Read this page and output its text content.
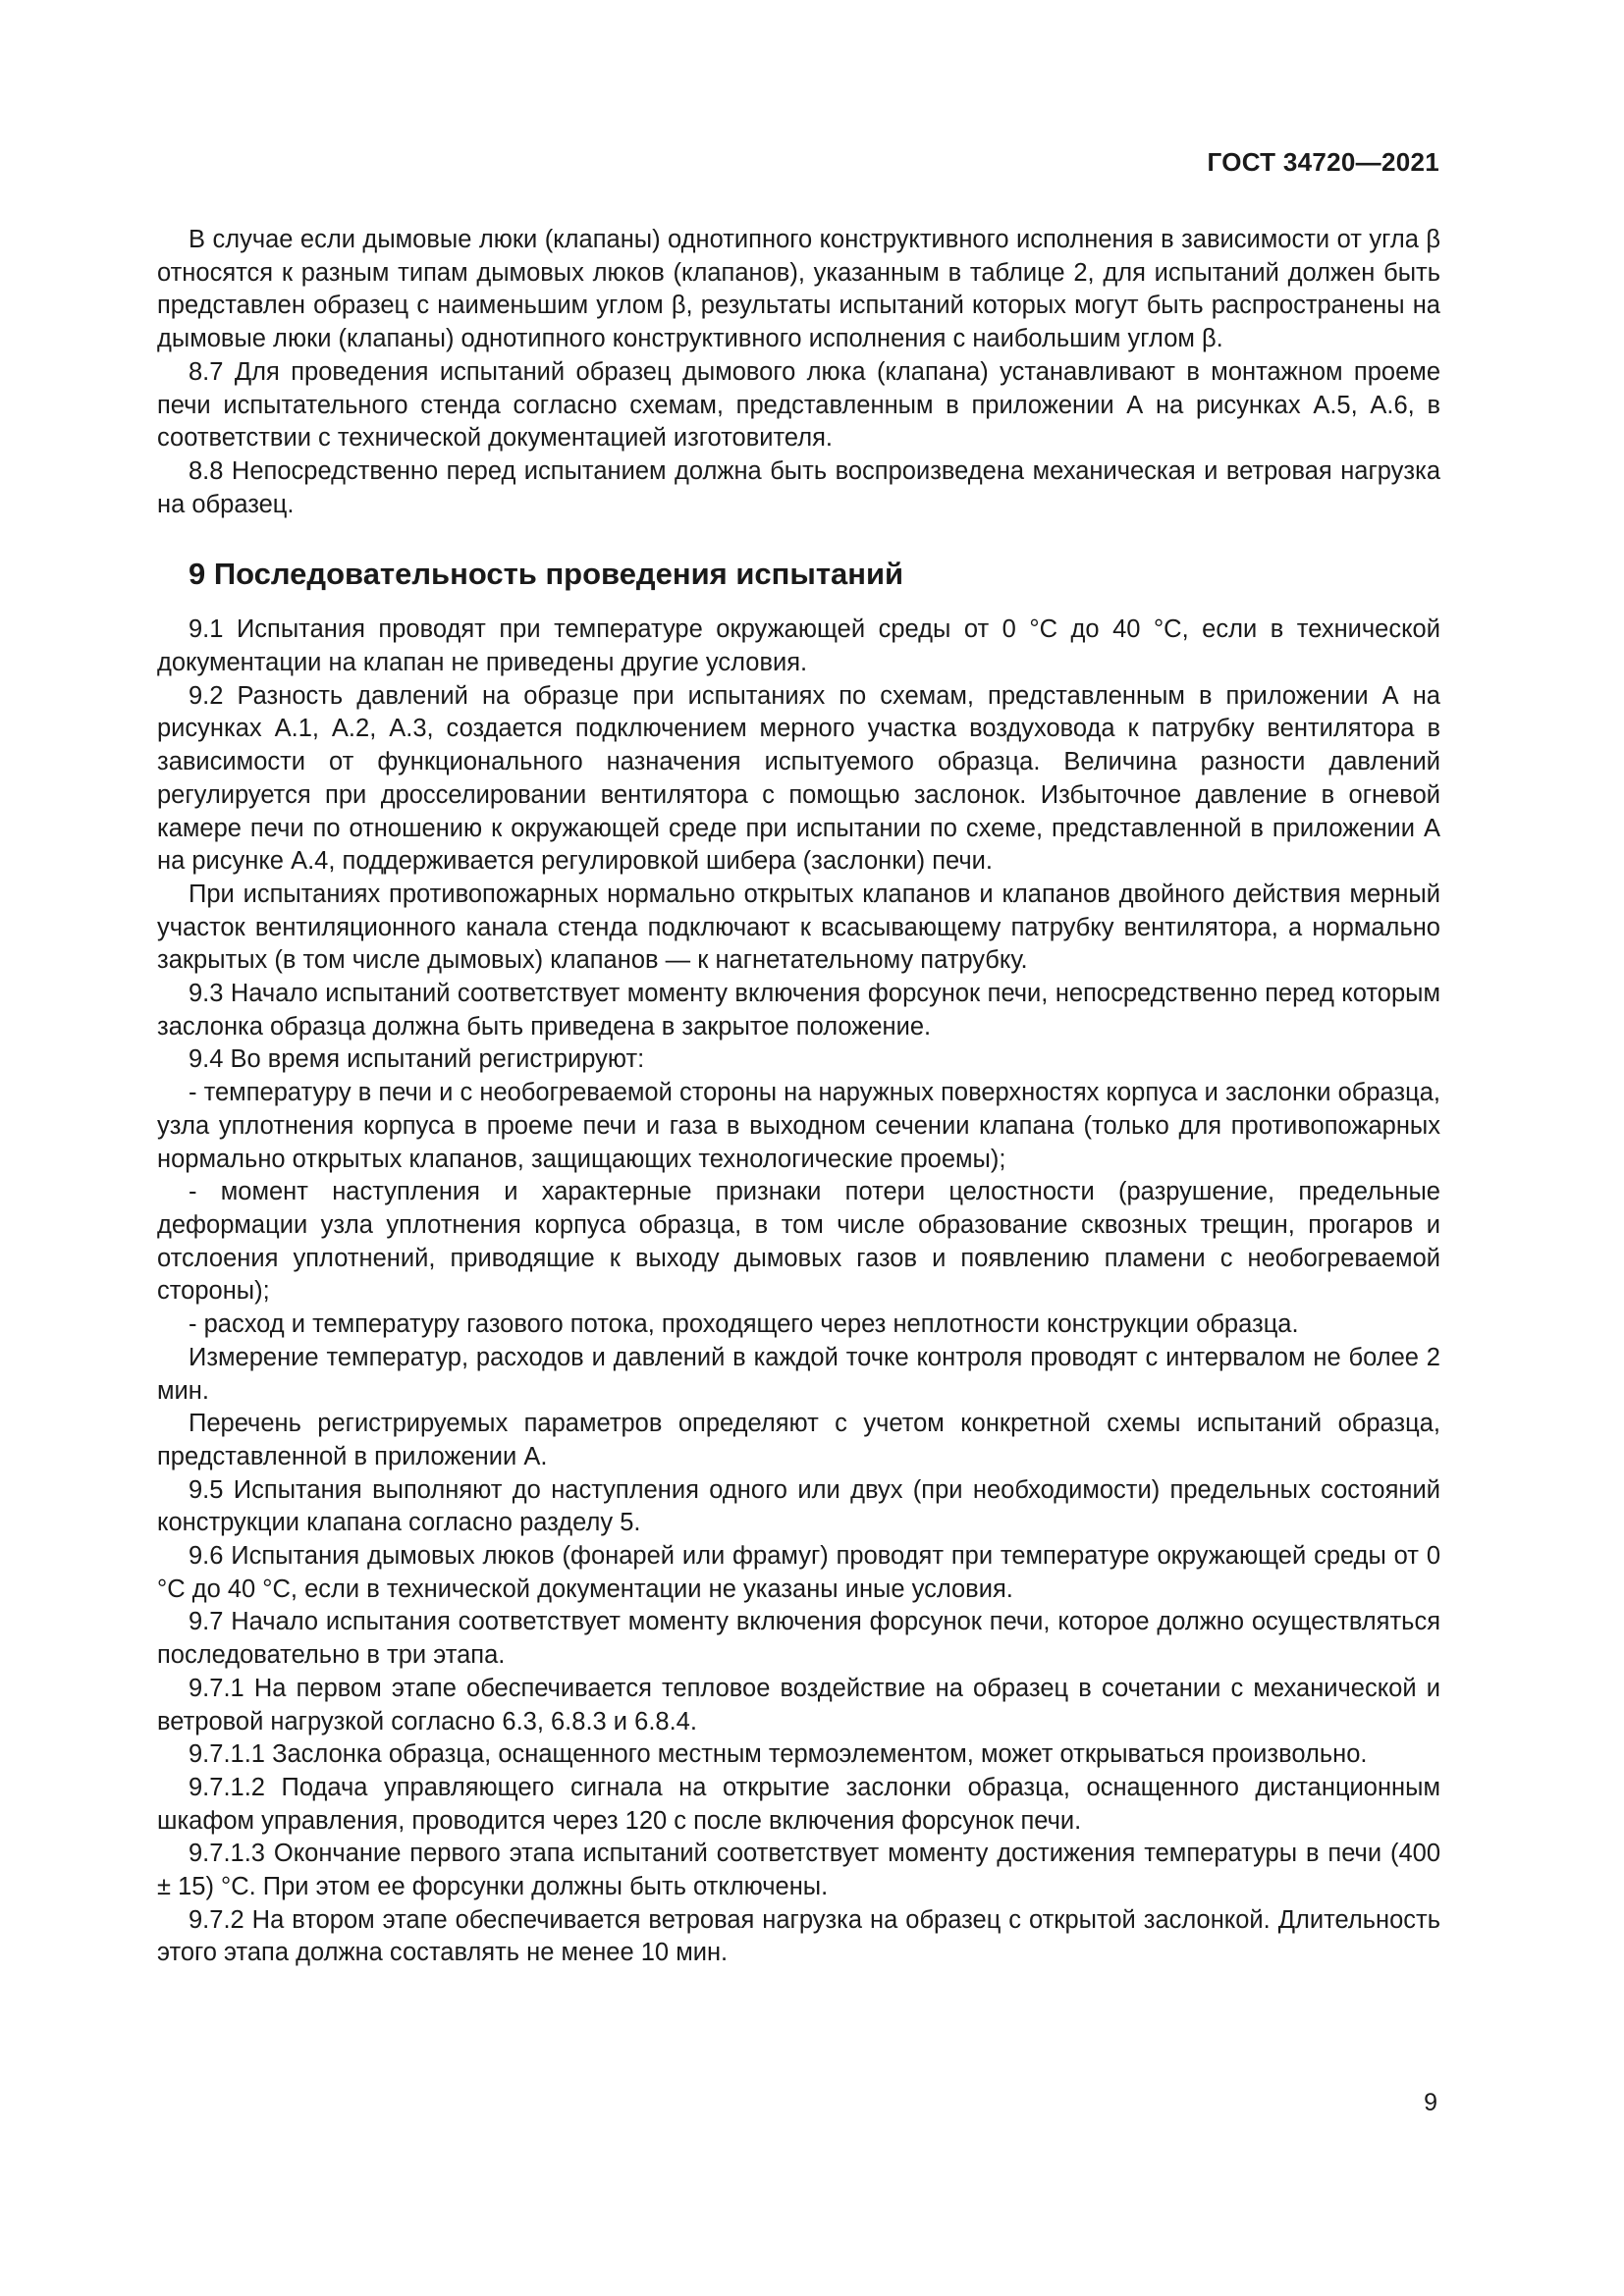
ГОСТ 34720—2021

В случае если дымовые люки (клапаны) однотипного конструктивного исполнения в зависимости от угла β относятся к разным типам дымовых люков (клапанов), указанным в таблице 2, для испытаний должен быть представлен образец с наименьшим углом β, результаты испытаний которых могут быть распространены на дымовые люки (клапаны) однотипного конструктивного исполнения с наибольшим углом β.

8.7 Для проведения испытаний образец дымового люка (клапана) устанавливают в монтажном проеме печи испытательного стенда согласно схемам, представленным в приложении А на рисунках А.5, А.6, в соответствии с технической документацией изготовителя.

8.8 Непосредственно перед испытанием должна быть воспроизведена механическая и ветровая нагрузка на образец.

9 Последовательность проведения испытаний

9.1 Испытания проводят при температуре окружающей среды от 0 °С до 40 °С, если в технической документации на клапан не приведены другие условия.

9.2 Разность давлений на образце при испытаниях по схемам, представленным в приложении А на рисунках А.1, А.2, А.3, создается подключением мерного участка воздуховода к патрубку вентилятора в зависимости от функционального назначения испытуемого образца. Величина разности давлений регулируется при дросселировании вентилятора с помощью заслонок. Избыточное давление в огневой камере печи по отношению к окружающей среде при испытании по схеме, представленной в приложении А на рисунке А.4, поддерживается регулировкой шибера (заслонки) печи.

При испытаниях противопожарных нормально открытых клапанов и клапанов двойного действия мерный участок вентиляционного канала стенда подключают к всасывающему патрубку вентилятора, а нормально закрытых (в том числе дымовых) клапанов — к нагнетательному патрубку.

9.3 Начало испытаний соответствует моменту включения форсунок печи, непосредственно перед которым заслонка образца должна быть приведена в закрытое положение.

9.4 Во время испытаний регистрируют:

- температуру в печи и с необогреваемой стороны на наружных поверхностях корпуса и заслонки образца, узла уплотнения корпуса в проеме печи и газа в выходном сечении клапана (только для противопожарных нормально открытых клапанов, защищающих технологические проемы);

- момент наступления и характерные признаки потери целостности (разрушение, предельные деформации узла уплотнения корпуса образца, в том числе образование сквозных трещин, прогаров и отслоения уплотнений, приводящие к выходу дымовых газов и появлению пламени с необогреваемой стороны);

- расход и температуру газового потока, проходящего через неплотности конструкции образца.

Измерение температур, расходов и давлений в каждой точке контроля проводят с интервалом не более 2 мин.

Перечень регистрируемых параметров определяют с учетом конкретной схемы испытаний образца, представленной в приложении А.

9.5 Испытания выполняют до наступления одного или двух (при необходимости) предельных состояний конструкции клапана согласно разделу 5.

9.6 Испытания дымовых люков (фонарей или фрамуг) проводят при температуре окружающей среды от 0 °С до 40 °С, если в технической документации не указаны иные условия.

9.7 Начало испытания соответствует моменту включения форсунок печи, которое должно осуществляться последовательно в три этапа.

9.7.1 На первом этапе обеспечивается тепловое воздействие на образец в сочетании с механической и ветровой нагрузкой согласно 6.3, 6.8.3 и 6.8.4.

9.7.1.1 Заслонка образца, оснащенного местным термоэлементом, может открываться произвольно.

9.7.1.2 Подача управляющего сигнала на открытие заслонки образца, оснащенного дистанционным шкафом управления, проводится через 120 с после включения форсунок печи.

9.7.1.3 Окончание первого этапа испытаний соответствует моменту достижения температуры в печи (400 ± 15) °С. При этом ее форсунки должны быть отключены.

9.7.2 На втором этапе обеспечивается ветровая нагрузка на образец с открытой заслонкой. Длительность этого этапа должна составлять не менее 10 мин.

9
